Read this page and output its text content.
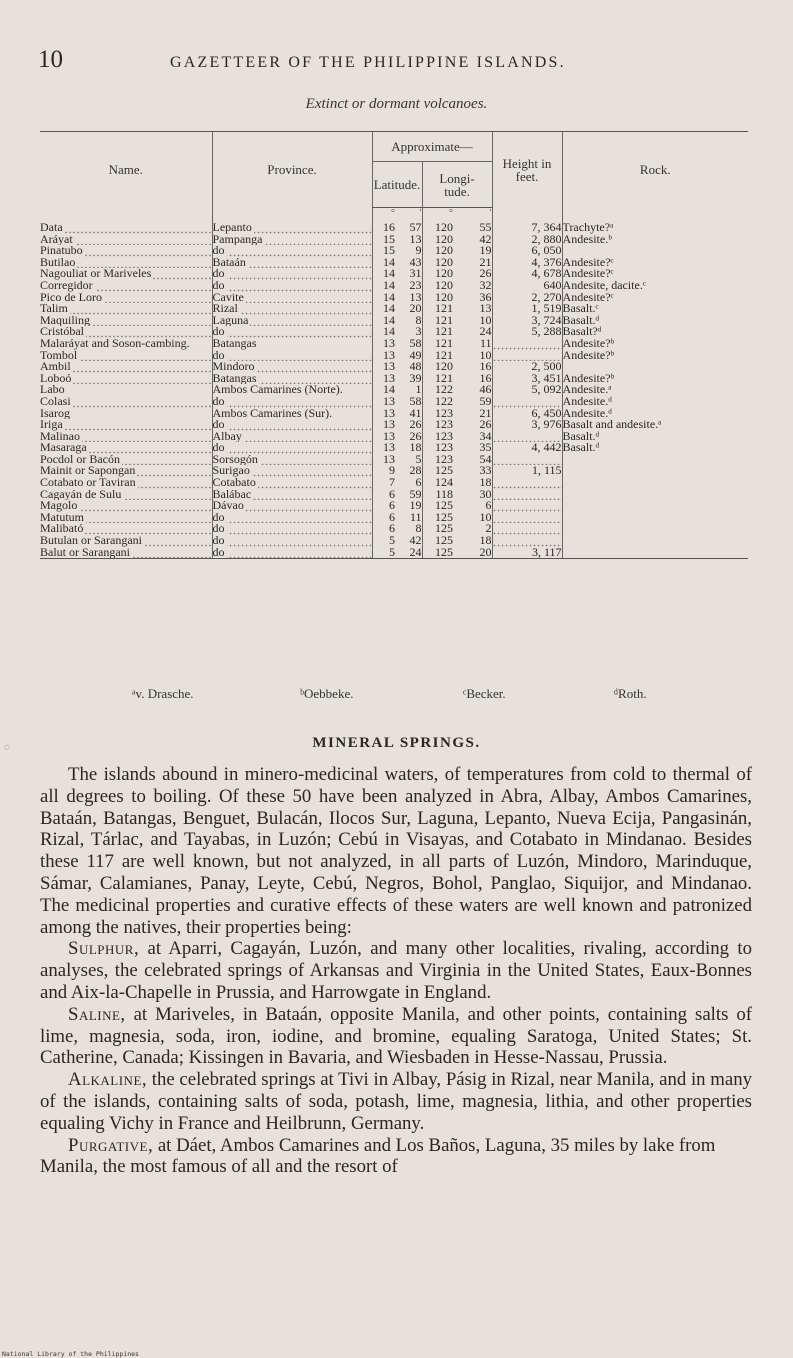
10	GAZETTEER OF THE PHILIPPINE ISLANDS.
Extinct or dormant volcanoes.
Name.	Province.	Approximate—				Height in feet.	Rock.
		Latitude.		Longi-tude.			
		°	′	°	′		
Data	Lepanto	16	57	120	55	7, 364	Trachyte?ᵃ
Aráyat	Pampanga	15	13	120	42	2, 880	Andesite.ᵇ
Pinatubo	do	15	9	120	19	6, 050	
Butilao	Bataán	14	43	120	21	4, 376	Andesite?ᶜ
Nagouliat or Mariveles	do	14	31	120	26	4, 678	Andesite?ᶜ
Corregidor	do	14	23	120	32	640	Andesite, dacite.ᶜ
Pico de Loro	Cavite	14	13	120	36	2, 270	Andesite?ᶜ
Talim	Rizal	14	20	121	13	1, 519	Basalt.ᶜ
Maquiling	Laguna	14	8	121	10	3, 724	Basalt.ᵈ
Cristóbal	do	14	3	121	24	5, 288	Basalt?ᵈ
Malaráyat and Soson-cambing.	Batangas	13	58	121	11		Andesite?ᵇ
Tombol	do	13	49	121	10		Andesite?ᵇ
Ambil	Mindoro	13	48	120	16	2, 500	
Loboó	Batangas	13	39	121	16	3, 451	Andesite?ᵇ
Labo	Ambos Camarines (Norte).	14	1	122	46	5, 092	Andesite.ᵃ
Colasi	do	13	58	122	59		Andesite.ᵈ
Isarog	Ambos Camarines (Sur).	13	41	123	21	6, 450	Andesite.ᵈ
Iriga	do	13	26	123	26	3, 976	Basalt and andesite.ᵃ
Malinao	Albay	13	26	123	34		Basalt.ᵈ
Masaraga	do	13	18	123	35	4, 442	Basalt.ᵈ
Pocdol or Bacón	Sorsogón	13	5	123	54		
Mainit or Sapongan	Surigao	9	28	125	33	1, 115	
Cotabato or Taviran	Cotabato	7	6	124	18		
Cagayán de Sulu	Balábac	6	59	118	30		
Magolo	Dávao	6	19	125	6		
Matutum	do	6	11	125	10		
Malibató	do	6	8	125	2		
Butulan or Sarangani	do	5	42	125	18		
Balut or Sarangani	do	5	24	125	20	3, 117	
ᵃv. Drasche.	ᵇOebbeke.	ᶜBecker.	ᵈRoth.
◌	MINERAL SPRINGS.

The islands abound in minero-medicinal waters, of temperatures from cold to thermal of all degrees to boiling. Of these 50 have been analyzed in Abra, Albay, Ambos Camarines, Bataán, Batangas, Benguet, Bulacán, Ilocos Sur, Laguna, Lepanto, Nueva Ecija, Pangasinán, Rizal, Tárlac, and Tayabas, in Luzón; Cebú in Visayas, and Cotabato in Mindanao. Besides these 117 are well known, but not analyzed, in all parts of Luzón, Mindoro, Marinduque, Sámar, Calamianes, Panay, Leyte, Cebú, Negros, Bohol, Panglao, Siquijor, and Mindanao. The medicinal properties and curative effects of these waters are well known and patronized among the natives, their properties being:

Sulphur, at Aparri, Cagayán, Luzón, and many other localities, rivaling, according to analyses, the celebrated springs of Arkansas and Virginia in the United States, Eaux-Bonnes and Aix-la-Chapelle in Prussia, and Harrowgate in England.

Saline, at Mariveles, in Bataán, opposite Manila, and other points, containing salts of lime, magnesia, soda, iron, iodine, and bromine, equaling Saratoga, United States; St. Catherine, Canada; Kissingen in Bavaria, and Wiesbaden in Hesse-Nassau, Prussia.

Alkaline, the celebrated springs at Tivi in Albay, Pásig in Rizal, near Manila, and in many of the islands, containing salts of soda, potash, lime, magnesia, lithia, and other properties equaling Vichy in France and Heilbrunn, Germany.

Purgative, at Dáet, Ambos Camarines and Los Baños, Laguna, 35 miles by lake from Manila, the most famous of all and the resort of

National Library of the Philippines
